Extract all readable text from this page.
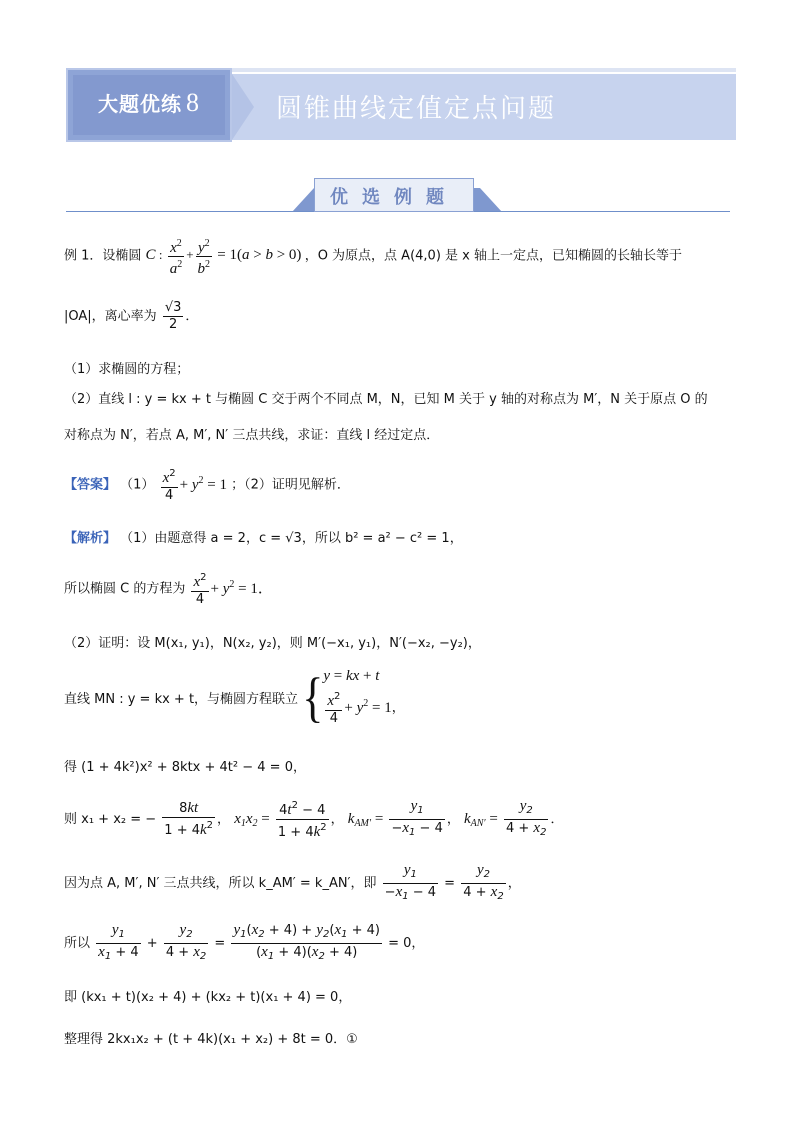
大题优练 8	圆锥曲线定值定点问题
优选例题
例 1．设椭圆 C : $\frac{x^2}{a^2} + \frac{y^2}{b^2} = 1(a > b > 0)$ ，O 为原点，点 A(4,0) 是 x 轴上一定点，已知椭圆的长轴长等于
|OA|，离心率为 $\frac{√3}{2}$ ．
（1）求椭圆的方程；
（2）直线 l : y = kx + t 与椭圆 C 交于两个不同点 M，N，已知 M 关于 y 轴的对称点为 M′，N 关于原点 O 的
对称点为 N′，若点 A, M′, N′ 三点共线，求证：直线 l 经过定点．
【答案】 $(1) \frac{x^2}{4} + y^2 = 1$ ；（2）证明见解析．
【解析】 （1）由题意得 a = 2，c = √3，所以 b² = a² − c² = 1，
所以椭圆 C 的方程为 $\frac{x^2}{4} + y^2 = 1$．
（2）证明：设 M(x₁, y₁)，N(x₂, y₂)，则 M′(−x₁, y₁)，N′(−x₂, −y₂)，
直线 MN : y = kx + t，与椭圆方程联立 { y = kx + t
$\frac{x^2}{4} + y^2 = 1$，
得 (1 + 4k²)x² + 8ktx + 4t² − 4 = 0，
则 x₁ + x₂ = − $\frac{8kt}{1 + 4k^2}$ ， $x_1x_2 = \frac{4t^2 - 4}{1 + 4k^2}$ ， $k_{AM'} = \frac{y_1}{-x_1 - 4}$ ， $k_{AN'} = \frac{y_2}{4 + x_2}$ ．
因为点 A, M′, N′ 三点共线，所以 k_AM′ = k_AN′，即 $\frac{y_1}{-x_1 - 4} = \frac{y_2}{4 + x_2}$ ，
所以 $\frac{y_1}{x_1 + 4} + \frac{y_2}{4 + x_2} = \frac{y_1(x_2 + 4) + y_2(x_1 + 4)}{(x_1 + 4)(x_2 + 4)} = 0$，
即 (kx₁ + t)(x₂ + 4) + (kx₂ + t)(x₁ + 4) = 0，
整理得 2kx₁x₂ + (t + 4k)(x₁ + x₂) + 8t = 0．①
